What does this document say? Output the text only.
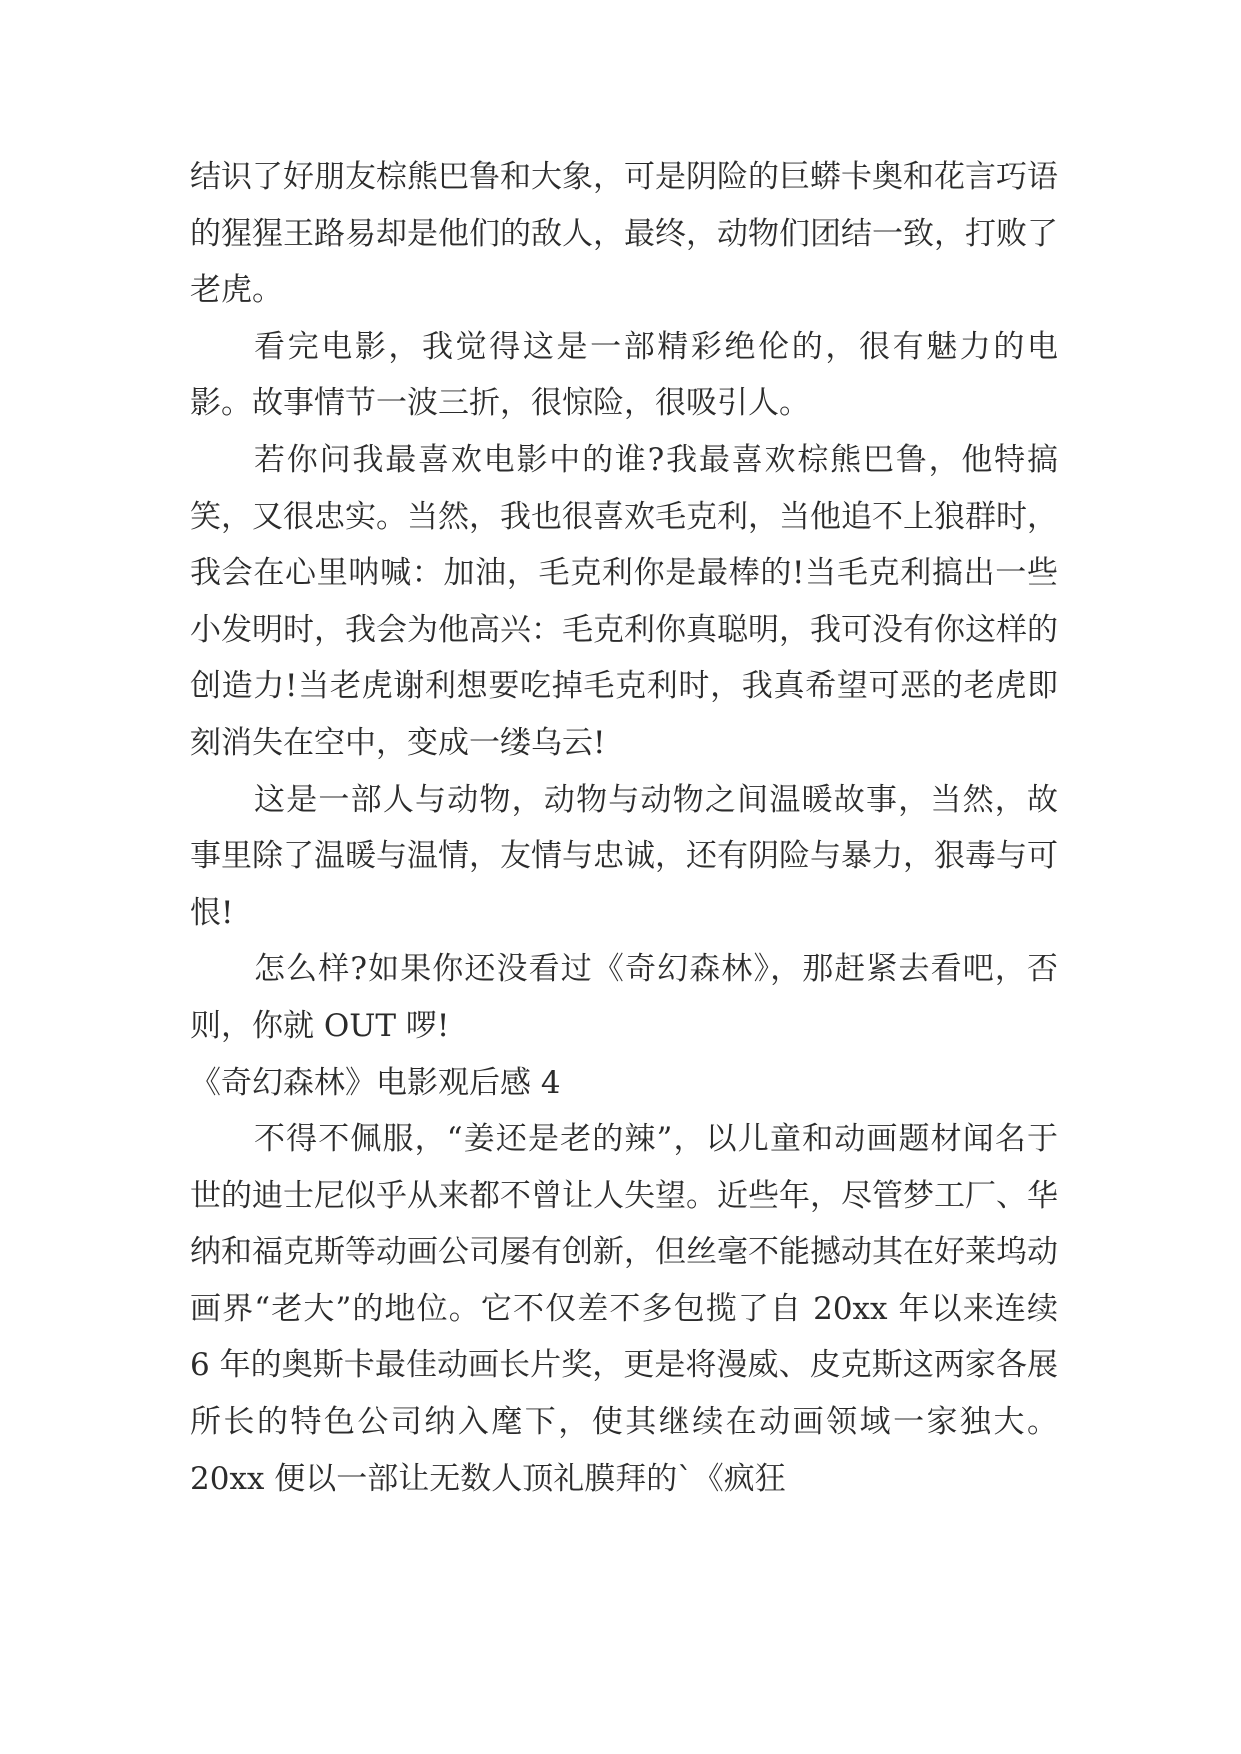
结识了好朋友棕熊巴鲁和大象，可是阴险的巨蟒卡奥和花言巧语的猩猩王路易却是他们的敌人，最终，动物们团结一致，打败了老虎。

看完电影，我觉得这是一部精彩绝伦的，很有魅力的电影。故事情节一波三折，很惊险，很吸引人。

若你问我最喜欢电影中的谁?我最喜欢棕熊巴鲁，他特搞笑，又很忠实。当然，我也很喜欢毛克利，当他追不上狼群时，我会在心里呐喊：加油，毛克利你是最棒的!当毛克利搞出一些小发明时，我会为他高兴：毛克利你真聪明，我可没有你这样的创造力!当老虎谢利想要吃掉毛克利时，我真希望可恶的老虎即刻消失在空中，变成一缕乌云!

这是一部人与动物，动物与动物之间温暖故事，当然，故事里除了温暖与温情，友情与忠诚，还有阴险与暴力，狠毒与可恨!

怎么样?如果你还没看过《奇幻森林》，那赶紧去看吧，否则，你就 OUT 啰!

《奇幻森林》电影观后感 4

不得不佩服，“姜还是老的辣”，以儿童和动画题材闻名于世的迪士尼似乎从来都不曾让人失望。近些年，尽管梦工厂、华纳和福克斯等动画公司屡有创新，但丝毫不能撼动其在好莱坞动画界“老大”的地位。它不仅差不多包揽了自 20xx 年以来连续 6 年的奥斯卡最佳动画长片奖，更是将漫威、皮克斯这两家各展所长的特色公司纳入麾下，使其继续在动画领域一家独大。20xx 便以一部让无数人顶礼膜拜的`《疯狂
